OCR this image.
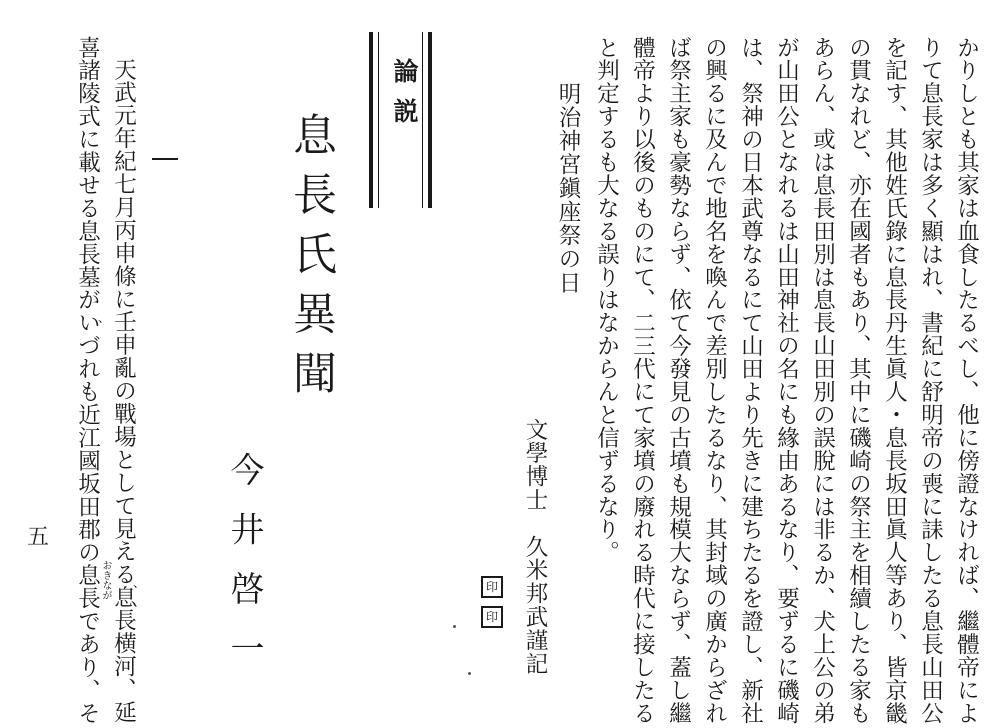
かりしとも其家は血食したるべし、他に傍證なければ、繼體帝によ
りて息長家は多く顯はれ、書紀に舒明帝の喪に誄したる息長山田公
を記す、其他姓氏錄に息長丹生眞人・息長坂田眞人等あり、皆京畿
の貫なれど、亦在國者もあり、其中に磯崎の祭主を相續したる家も
あらん、或は息長田別は息長山田別の誤脫には非るか、犬上公の弟
が山田公となれるは山田神社の名にも緣由あるなり、要ずるに磯崎
は、祭神の日本武尊なるにて山田より先きに建ちたるを證し、新社
の興るに及んで地名を喚んで差別したるなり、其封域の廣からざれ
ば祭主家も豪勢ならず、依て今發見の古墳も規模大ならず、蓋し繼
體帝より以後のものにて、二三代にて家墳の廢れる時代に接したる
と判定するも大なる誤りはなからんと信ずるなり。
明治神宮鎭座祭の日
文學博士　久米邦武謹記
印
印
論説
息長氏異聞
今井啓一
天武元年紀七月丙申條に壬申亂の戰場として見える息長横河、延
喜諸陵式に載せる息長墓がいづれも近江國坂田郡の息長であり、そ おきなが 、
、
、
五
